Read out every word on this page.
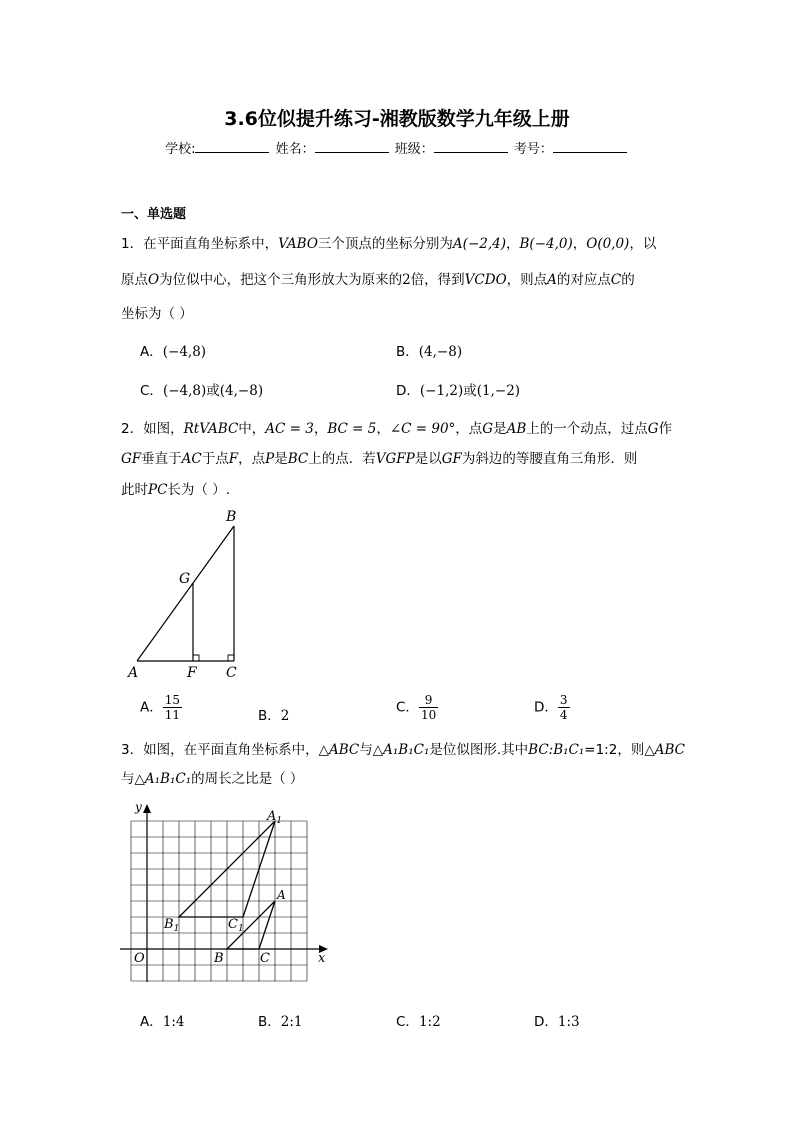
3.6位似提升练习-湘教版数学九年级上册
学校:	姓名：	班级：	考号：
一、单选题
1．在平面直角坐标系中，VABO三个顶点的坐标分别为A(−2,4)，B(−4,0)，O(0,0)，以
原点O为位似中心，把这个三角形放大为原来的2倍，得到VCDO，则点A的对应点C的
坐标为（ ）
A．(−4,8)	B．(4,−8)
C．(−4,8)或(4,−8)	D．(−1,2)或(1,−2)
2．如图，RtVABC中，AC = 3，BC = 5，∠C = 90°，点G是AB上的一个动点，过点G作
GF垂直于AC于点F，点P是BC上的点．若VGFP是以GF为斜边的等腰直角三角形．则
此时PC长为（ ）.
B
G
A	F C
A． $\frac{15}{11}$	B．2
C． $\frac{9}{10}$	D． $\frac{3}{4}$
3．如图，在平面直角坐标系中，△ABC与△A₁B₁C₁是位似图形.其中BC:B₁C₁=1:2，则△ABC
与△A₁B₁C₁的周长之比是（ ）
y
x
O
$A_1$
$B_1$	$C_1$
A
B	C
A．1:4	B．2:1	C．1:2	D．1:3
